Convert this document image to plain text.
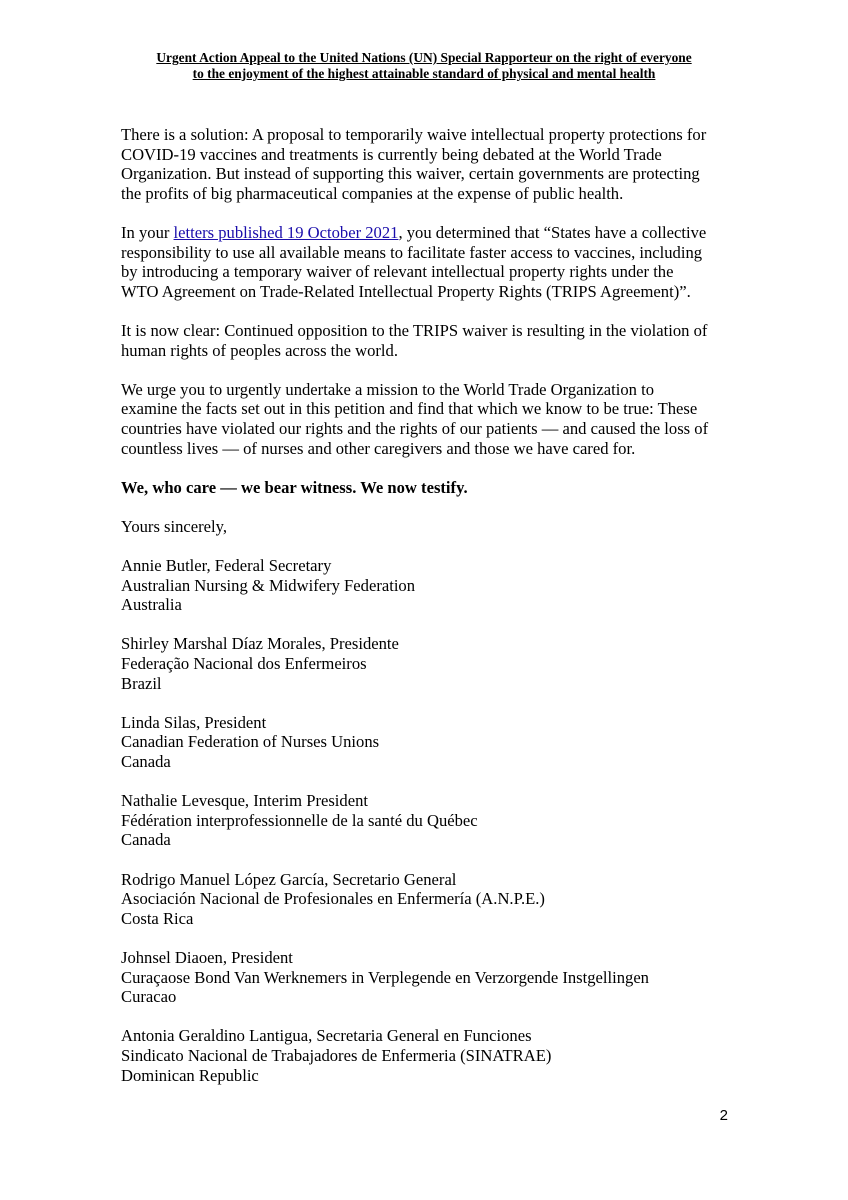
Urgent Action Appeal to the United Nations (UN) Special Rapporteur on the right of everyone
to the enjoyment of the highest attainable standard of physical and mental health

There is a solution: A proposal to temporarily waive intellectual property protections for
COVID-19 vaccines and treatments is currently being debated at the World Trade
Organization. But instead of supporting this waiver, certain governments are protecting
the profits of big pharmaceutical companies at the expense of public health.

In your letters published 19 October 2021, you determined that “States have a collective
responsibility to use all available means to facilitate faster access to vaccines, including
by introducing a temporary waiver of relevant intellectual property rights under the
WTO Agreement on Trade-Related Intellectual Property Rights (TRIPS Agreement)”.

It is now clear: Continued opposition to the TRIPS waiver is resulting in the violation of
human rights of peoples across the world.

We urge you to urgently undertake a mission to the World Trade Organization to
examine the facts set out in this petition and find that which we know to be true: These
countries have violated our rights and the rights of our patients — and caused the loss of
countless lives — of nurses and other caregivers and those we have cared for.

We, who care — we bear witness. We now testify.

Yours sincerely,

Annie Butler, Federal Secretary
Australian Nursing & Midwifery Federation
Australia
Shirley Marshal Díaz Morales, Presidente
Federação Nacional dos Enfermeiros
Brazil
Linda Silas, President
Canadian Federation of Nurses Unions
Canada
Nathalie Levesque, Interim President
Fédération interprofessionnelle de la santé du Québec
Canada
Rodrigo Manuel López García, Secretario General
Asociación Nacional de Profesionales en Enfermería (A.N.P.E.)
Costa Rica
Johnsel Diaoen, President
Curaçaose Bond Van Werknemers in Verplegende en Verzorgende Instgellingen
Curacao
Antonia Geraldino Lantigua, Secretaria General en Funciones
Sindicato Nacional de Trabajadores de Enfermeria (SINATRAE)
Dominican Republic
2
